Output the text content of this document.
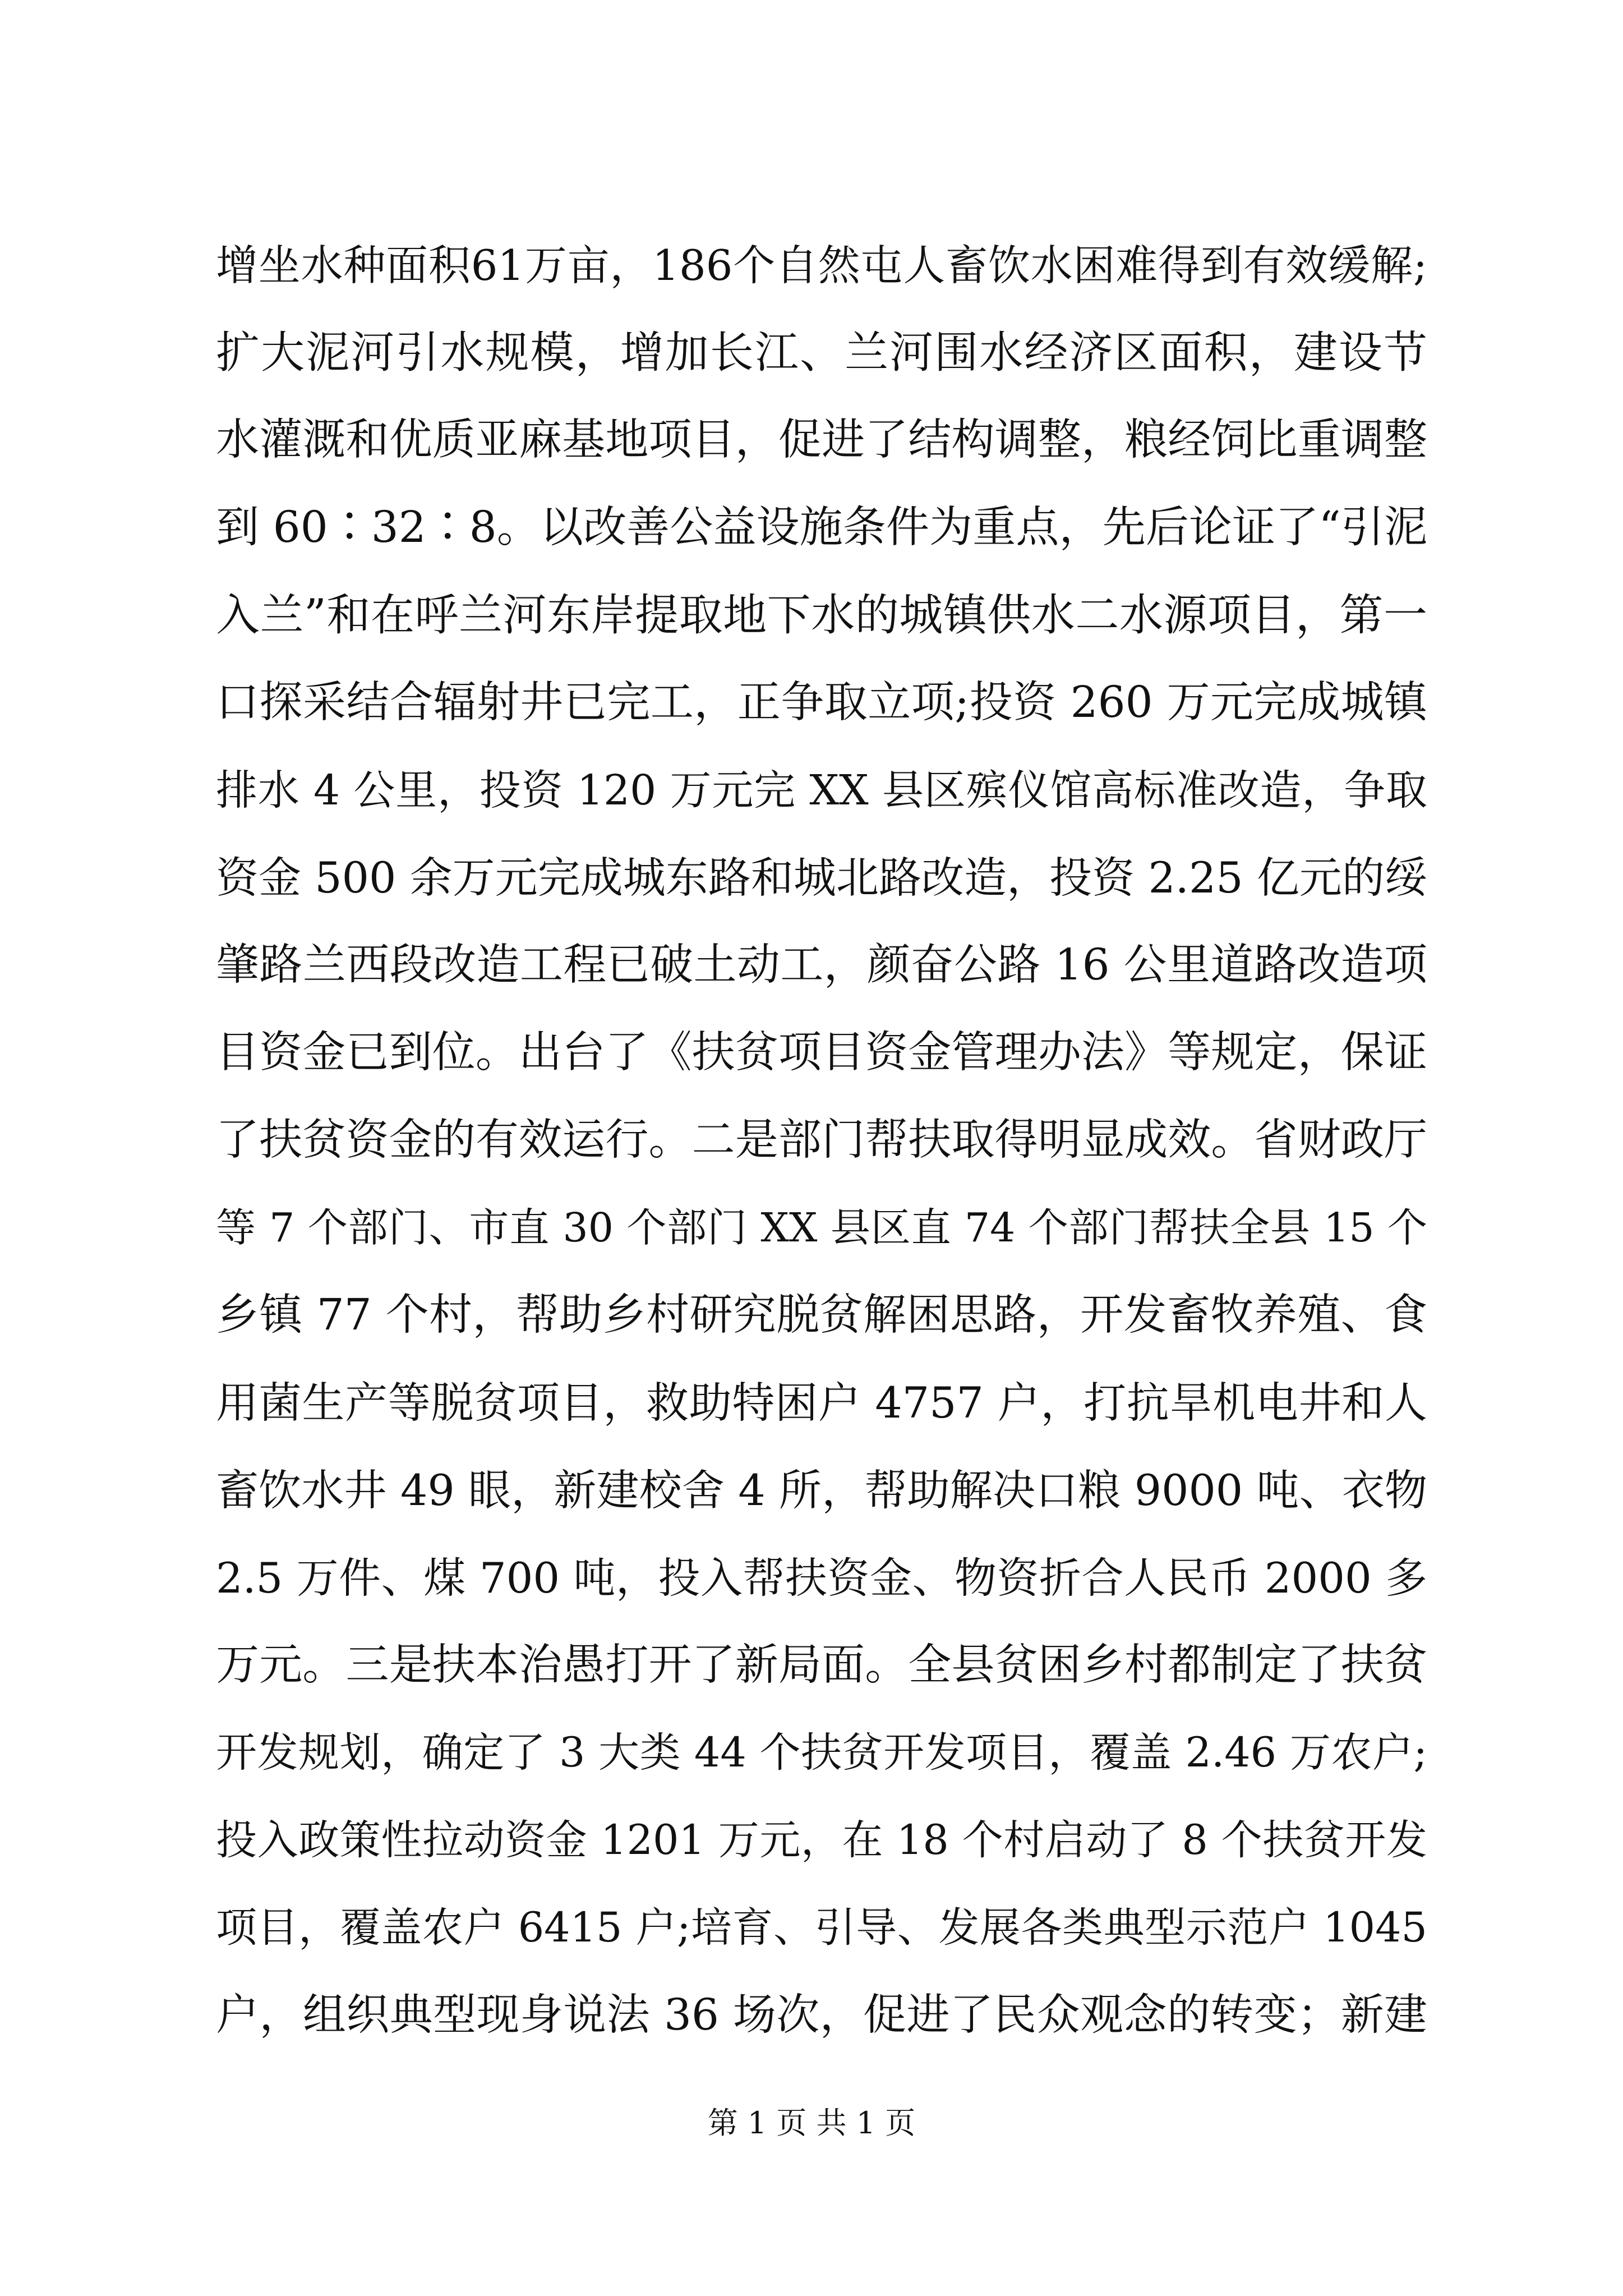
增坐水种面积61万亩，186个自然屯人畜饮水困难得到有效缓解;
扩大泥河引水规模，增加长江、兰河围水经济区面积，建设节
水灌溉和优质亚麻基地项目，促进了结构调整，粮经饲比重调整
到 60∶32∶8。以改善公益设施条件为重点，先后论证了“引泥
入兰”和在呼兰河东岸提取地下水的城镇供水二水源项目，第一
口探采结合辐射井已完工，正争取立项;投资 260 万元完成城镇
排水 4 公里，投资 120 万元完 XX 县区殡仪馆高标准改造，争取
资金 500 余万元完成城东路和城北路改造，投资 2.25 亿元的绥
肇路兰西段改造工程已破土动工，颜奋公路 16 公里道路改造项
目资金已到位。出台了《扶贫项目资金管理办法》等规定，保证
了扶贫资金的有效运行。二是部门帮扶取得明显成效。省财政厅
等 7 个部门、市直 30 个部门 XX 县区直 74 个部门帮扶全县 15 个
乡镇 77 个村，帮助乡村研究脱贫解困思路，开发畜牧养殖、食
用菌生产等脱贫项目，救助特困户 4757 户，打抗旱机电井和人
畜饮水井 49 眼，新建校舍 4 所，帮助解决口粮 9000 吨、衣物
2.5 万件、煤 700 吨，投入帮扶资金、物资折合人民币 2000 多
万元。三是扶本治愚打开了新局面。全县贫困乡村都制定了扶贫
开发规划，确定了 3 大类 44 个扶贫开发项目，覆盖 2.46 万农户;
投入政策性拉动资金 1201 万元，在 18 个村启动了 8 个扶贫开发
项目，覆盖农户 6415 户;培育、引导、发展各类典型示范户 1045
户，组织典型现身说法 36 场次，促进了民众观念的转变；新建
第 1 页 共 1 页
